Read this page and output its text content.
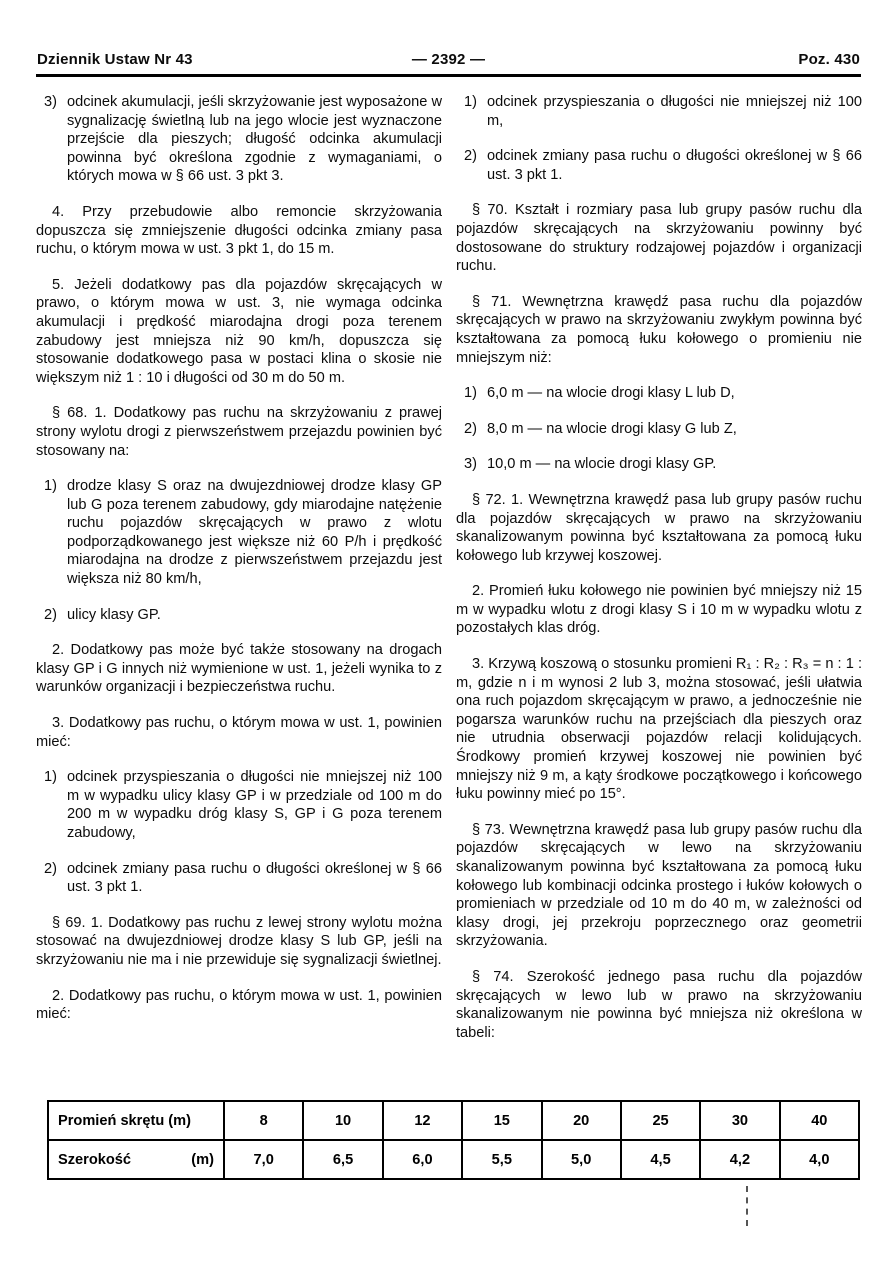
— 2392 —
Dziennik Ustaw Nr 43	Poz. 430
3) odcinek akumulacji, jeśli skrzyżowanie jest wyposażone w sygnalizację świetlną lub na jego wlocie jest wyznaczone przejście dla pieszych; długość odcinka akumulacji powinna być określona zgodnie z wymaganiami, o których mowa w § 66 ust. 3 pkt 3.

4. Przy przebudowie albo remoncie skrzyżowania dopuszcza się zmniejszenie długości odcinka zmiany pasa ruchu, o którym mowa w ust. 3 pkt 1, do 15 m.

5. Jeżeli dodatkowy pas dla pojazdów skręcających w prawo, o którym mowa w ust. 3, nie wymaga odcinka akumulacji i prędkość miarodajna drogi poza terenem zabudowy jest mniejsza niż 90 km/h, dopuszcza się stosowanie dodatkowego pasa w postaci klina o skosie nie większym niż 1 : 10 i długości od 30 m do 50 m.

§ 68. 1. Dodatkowy pas ruchu na skrzyżowaniu z prawej strony wylotu drogi z pierwszeństwem przejazdu powinien być stosowany na:

1) drodze klasy S oraz na dwujezdniowej drodze klasy GP lub G poza terenem zabudowy, gdy miarodajne natężenie ruchu pojazdów skręcających w prawo z wlotu podporządkowanego jest większe niż 60 P/h i prędkość miarodajna na drodze z pierwszeństwem przejazdu jest większa niż 80 km/h,
2) ulicy klasy GP.

2. Dodatkowy pas może być także stosowany na drogach klasy GP i G innych niż wymienione w ust. 1, jeżeli wynika to z warunków organizacji i bezpieczeństwa ruchu.

3. Dodatkowy pas ruchu, o którym mowa w ust. 1, powinien mieć:

1) odcinek przyspieszania o długości nie mniejszej niż 100 m w wypadku ulicy klasy GP i w przedziale od 100 m do 200 m w wypadku dróg klasy S, GP i G poza terenem zabudowy,
2) odcinek zmiany pasa ruchu o długości określonej w § 66 ust. 3 pkt 1.

§ 69. 1. Dodatkowy pas ruchu z lewej strony wylotu można stosować na dwujezdniowej drodze klasy S lub GP, jeśli na skrzyżowaniu nie ma i nie przewiduje się sygnalizacji świetlnej.

2. Dodatkowy pas ruchu, o którym mowa w ust. 1, powinien mieć:

1) odcinek przyspieszania o długości nie mniejszej niż 100 m,
2) odcinek zmiany pasa ruchu o długości określonej w § 66 ust. 3 pkt 1.

§ 70. Kształt i rozmiary pasa lub grupy pasów ruchu dla pojazdów skręcających na skrzyżowaniu powinny być dostosowane do struktury rodzajowej pojazdów i organizacji ruchu.

§ 71. Wewnętrzna krawędź pasa ruchu dla pojazdów skręcających w prawo na skrzyżowaniu zwykłym powinna być kształtowana za pomocą łuku kołowego o promieniu nie mniejszym niż:

1) 6,0 m — na wlocie drogi klasy L lub D,
2) 8,0 m — na wlocie drogi klasy G lub Z,
3) 10,0 m — na wlocie drogi klasy GP.

§ 72. 1. Wewnętrzna krawędź pasa lub grupy pasów ruchu dla pojazdów skręcających w prawo na skrzyżowaniu skanalizowanym powinna być kształtowana za pomocą łuku kołowego lub krzywej koszowej.

2. Promień łuku kołowego nie powinien być mniejszy niż 15 m w wypadku wlotu z drogi klasy S i 10 m w wypadku wlotu z pozostałych klas dróg.

3. Krzywą koszową o stosunku promieni R₁ : R₂ : R₃ = n : 1 : m, gdzie n i m wynosi 2 lub 3, można stosować, jeśli ułatwia ona ruch pojazdom skręcającym w prawo, a jednocześnie nie pogarsza warunków ruchu na przejściach dla pieszych oraz nie utrudnia obserwacji pojazdów relacji kolidujących. Środkowy promień krzywej koszowej nie powinien być mniejszy niż 9 m, a kąty środkowe początkowego i końcowego łuku powinny mieć po 15°.

§ 73. Wewnętrzna krawędź pasa lub grupy pasów ruchu dla pojazdów skręcających w lewo na skrzyżowaniu skanalizowanym powinna być kształtowana za pomocą łuku kołowego lub kombinacji odcinka prostego i łuków kołowych o promieniach w przedziale od 10 m do 40 m, w zależności od klasy drogi, jej przekroju poprzecznego oraz geometrii skrzyżowania.

§ 74. Szerokość jednego pasa ruchu dla pojazdów skręcających w lewo lub w prawo na skrzyżowaniu skanalizowanym nie powinna być mniejsza niż określona w tabeli:

Promień skrętu (m)	8	10	12	15	20	25	30	40

Szerokość (m)	7,0	6,5	6,0	5,5	5,0	4,5	4,2	4,0
